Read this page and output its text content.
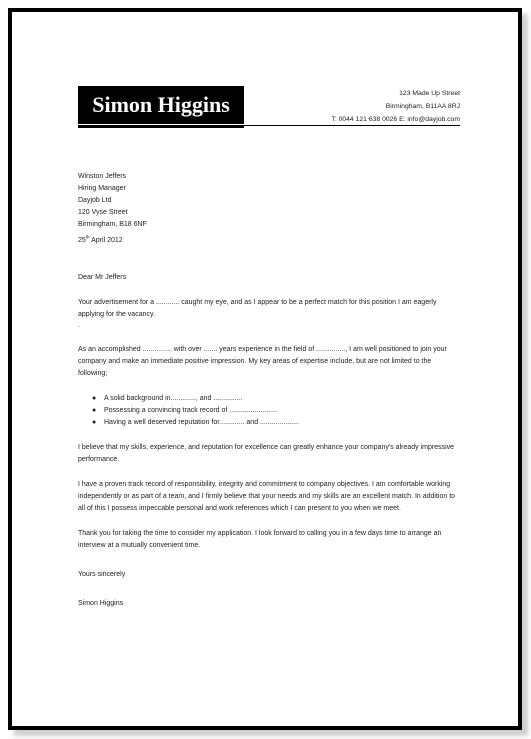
Simon Higgins	123 Made Up Street
Birmingham, B11AA 8RJ
T: 0044 121 638 0026 E: info@dayjob.com
Winston Jeffers
Hiring Manager
Dayjob Ltd
120 Vyse Street
Birmingham, B18 6NF

25th April 2012

Dear Mr Jeffers

Your advertisement for a ............ caught my eye, and as I appear to be a perfect match for this position I am eagerly applying for the vacancy.

.

As an accomplished ............... with over ....... years experience in the field of ..............., I am well positioned to join your company and make an immediate positive impression. My key areas of expertise include, but are not limited to the following;

● A solid background in............., and ...............
● Possessing a convincing track record of .........................
● Having a well deserved reputation for............. and ....................

I believe that my skills, experience, and reputation for excellence can greatly enhance your company's already impressive performance.

I have a proven track record of responsibility, integrity and commitment to company objectives. I am comfortable working independently or as part of a team, and I firmly believe that your needs and my skills are an excellent match. In addition to all of this I possess impeccable personal and work references which I can present to you when we meet.

Thank you for taking the time to consider my application. I look forward to calling you in a few days time to arrange an interview at a mutually convenient time.

Yours sincerely

Simon Higgins
